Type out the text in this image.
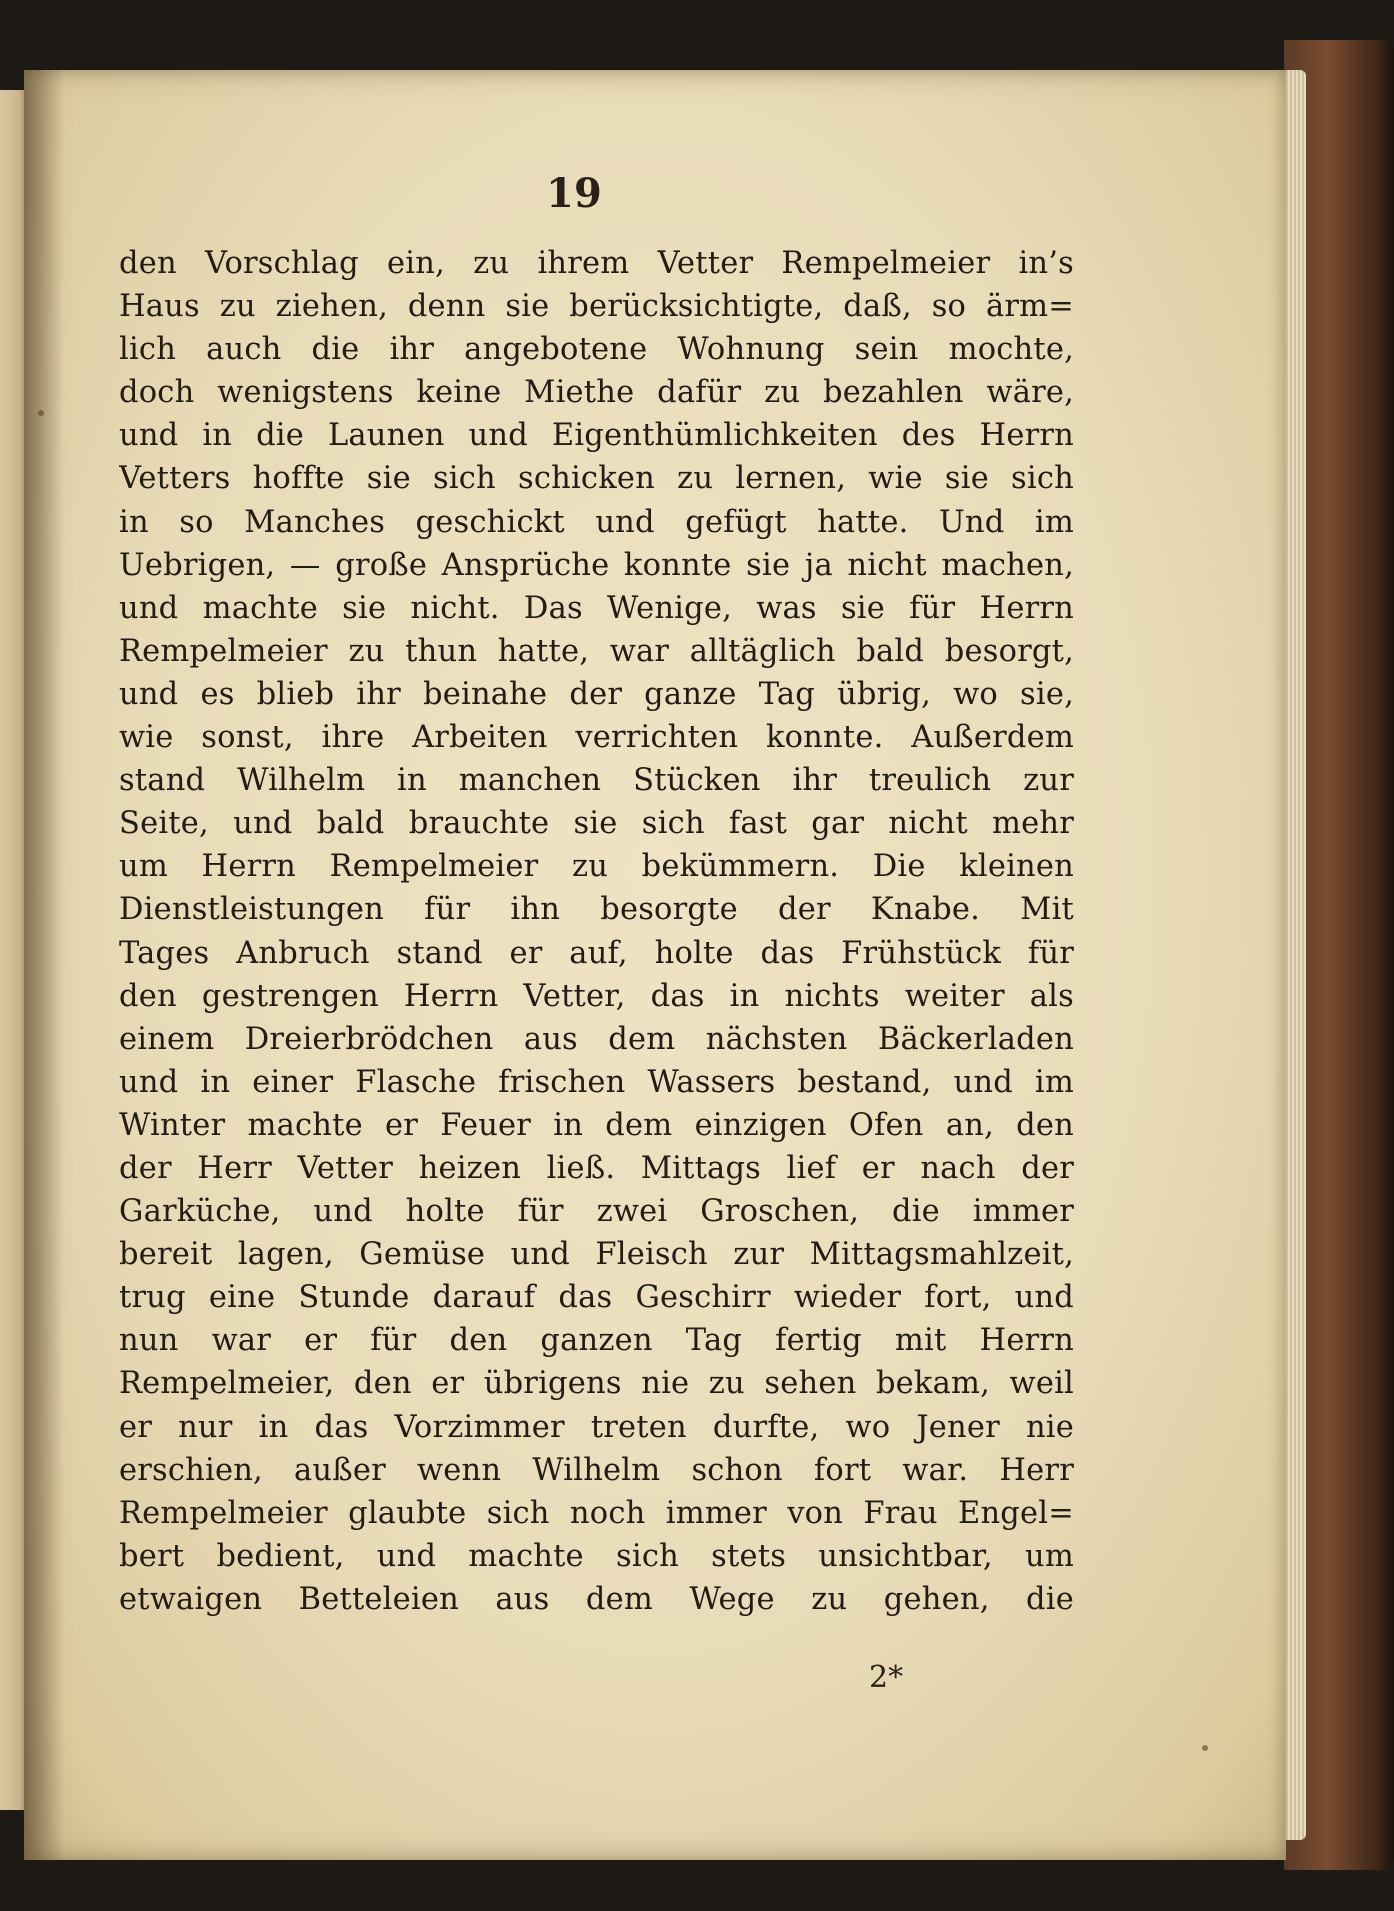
19
den Vorschlag ein, zu ihrem Vetter Rempelmeier in’s
Haus zu ziehen, denn sie berücksichtigte, daß, so ärm=
lich auch die ihr angebotene Wohnung sein mochte,
doch wenigstens keine Miethe dafür zu bezahlen wäre,
und in die Launen und Eigenthümlichkeiten des Herrn
Vetters hoffte sie sich schicken zu lernen, wie sie sich
in so Manches geschickt und gefügt hatte. Und im
Uebrigen, — große Ansprüche konnte sie ja nicht machen,
und machte sie nicht. Das Wenige, was sie für Herrn
Rempelmeier zu thun hatte, war alltäglich bald besorgt,
und es blieb ihr beinahe der ganze Tag übrig, wo sie,
wie sonst, ihre Arbeiten verrichten konnte. Außerdem
stand Wilhelm in manchen Stücken ihr treulich zur
Seite, und bald brauchte sie sich fast gar nicht mehr
um Herrn Rempelmeier zu bekümmern. Die kleinen
Dienstleistungen für ihn besorgte der Knabe. Mit
Tages Anbruch stand er auf, holte das Frühstück für
den gestrengen Herrn Vetter, das in nichts weiter als
einem Dreierbrödchen aus dem nächsten Bäckerladen
und in einer Flasche frischen Wassers bestand, und im
Winter machte er Feuer in dem einzigen Ofen an, den
der Herr Vetter heizen ließ. Mittags lief er nach der
Garküche, und holte für zwei Groschen, die immer
bereit lagen, Gemüse und Fleisch zur Mittagsmahlzeit,
trug eine Stunde darauf das Geschirr wieder fort, und
nun war er für den ganzen Tag fertig mit Herrn
Rempelmeier, den er übrigens nie zu sehen bekam, weil
er nur in das Vorzimmer treten durfte, wo Jener nie
erschien, außer wenn Wilhelm schon fort war. Herr
Rempelmeier glaubte sich noch immer von Frau Engel=
bert bedient, und machte sich stets unsichtbar, um
etwaigen Betteleien aus dem Wege zu gehen, die
2*
